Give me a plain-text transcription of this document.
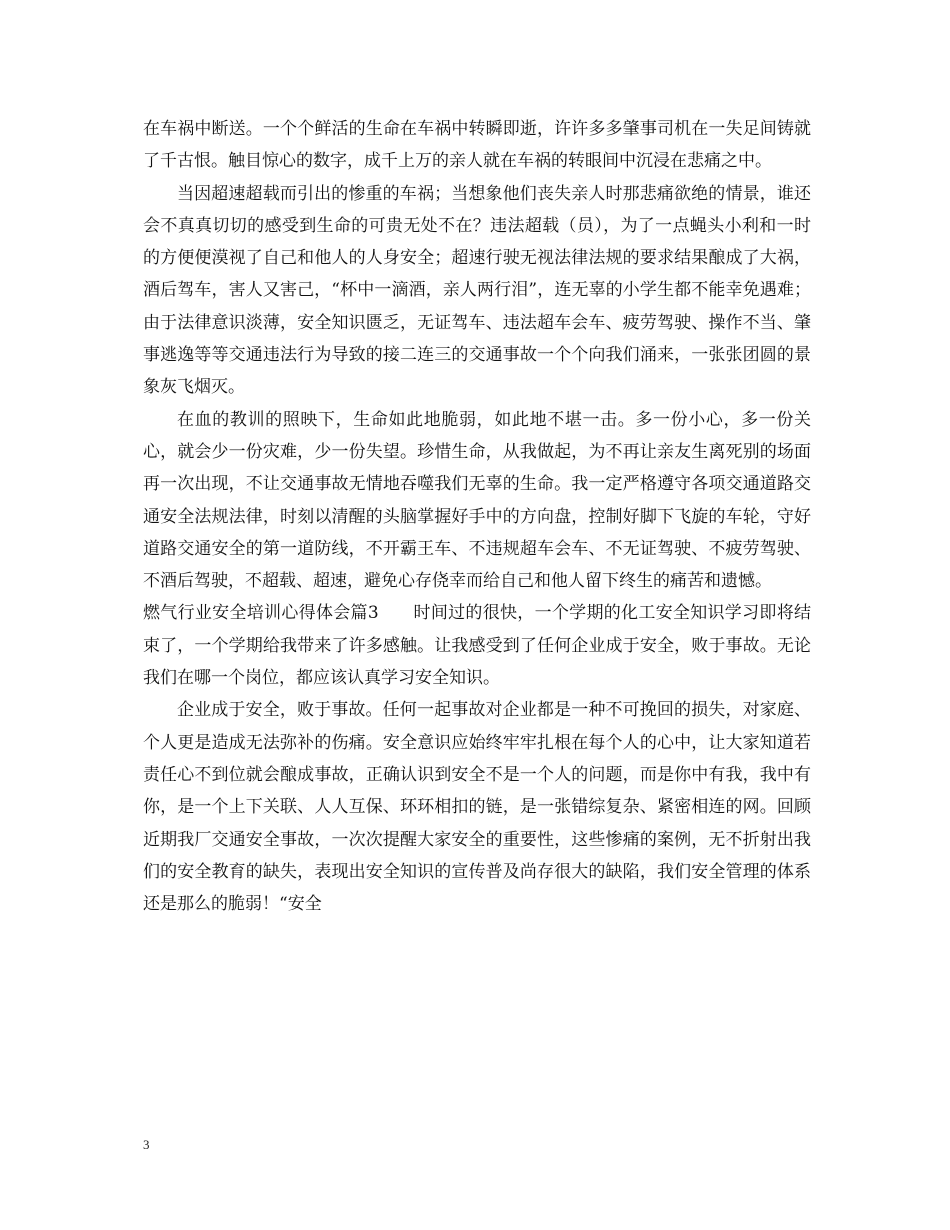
在车祸中断送。一个个鲜活的生命在车祸中转瞬即逝，许许多多肇事司机在一失足间铸就了千古恨。触目惊心的数字，成千上万的亲人就在车祸的转眼间中沉浸在悲痛之中。

当因超速超载而引出的惨重的车祸；当想象他们丧失亲人时那悲痛欲绝的情景，谁还会不真真切切的感受到生命的可贵无处不在？违法超载（员），为了一点蝇头小利和一时的方便便漠视了自己和他人的人身安全；超速行驶无视法律法规的要求结果酿成了大祸，酒后驾车，害人又害己，“杯中一滴酒，亲人两行泪”，连无辜的小学生都不能幸免遇难；由于法律意识淡薄，安全知识匮乏，无证驾车、违法超车会车、疲劳驾驶、操作不当、肇事逃逸等等交通违法行为导致的接二连三的交通事故一个个向我们涌来，一张张团圆的景象灰飞烟灭。

在血的教训的照映下，生命如此地脆弱，如此地不堪一击。多一份小心，多一份关心，就会少一份灾难，少一份失望。珍惜生命，从我做起，为不再让亲友生离死别的场面再一次出现，不让交通事故无情地吞噬我们无辜的生命。我一定严格遵守各项交通道路交通安全法规法律，时刻以清醒的头脑掌握好手中的方向盘，控制好脚下飞旋的车轮，守好道路交通安全的第一道防线，不开霸王车、不违规超车会车、不无证驾驶、不疲劳驾驶、不酒后驾驶，不超载、超速，避免心存侥幸而给自己和他人留下终生的痛苦和遗憾。

燃气行业安全培训心得体会篇3　　时间过的很快，一个学期的化工安全知识学习即将结束了，一个学期给我带来了许多感触。让我感受到了任何企业成于安全，败于事故。无论我们在哪一个岗位，都应该认真学习安全知识。

企业成于安全，败于事故。任何一起事故对企业都是一种不可挽回的损失，对家庭、个人更是造成无法弥补的伤痛。安全意识应始终牢牢扎根在每个人的心中，让大家知道若责任心不到位就会酿成事故，正确认识到安全不是一个人的问题，而是你中有我，我中有你，是一个上下关联、人人互保、环环相扣的链，是一张错综复杂、紧密相连的网。回顾近期我厂交通安全事故，一次次提醒大家安全的重要性，这些惨痛的案例，无不折射出我们的安全教育的缺失，表现出安全知识的宣传普及尚存很大的缺陷，我们安全管理的体系还是那么的脆弱！“安全

3
